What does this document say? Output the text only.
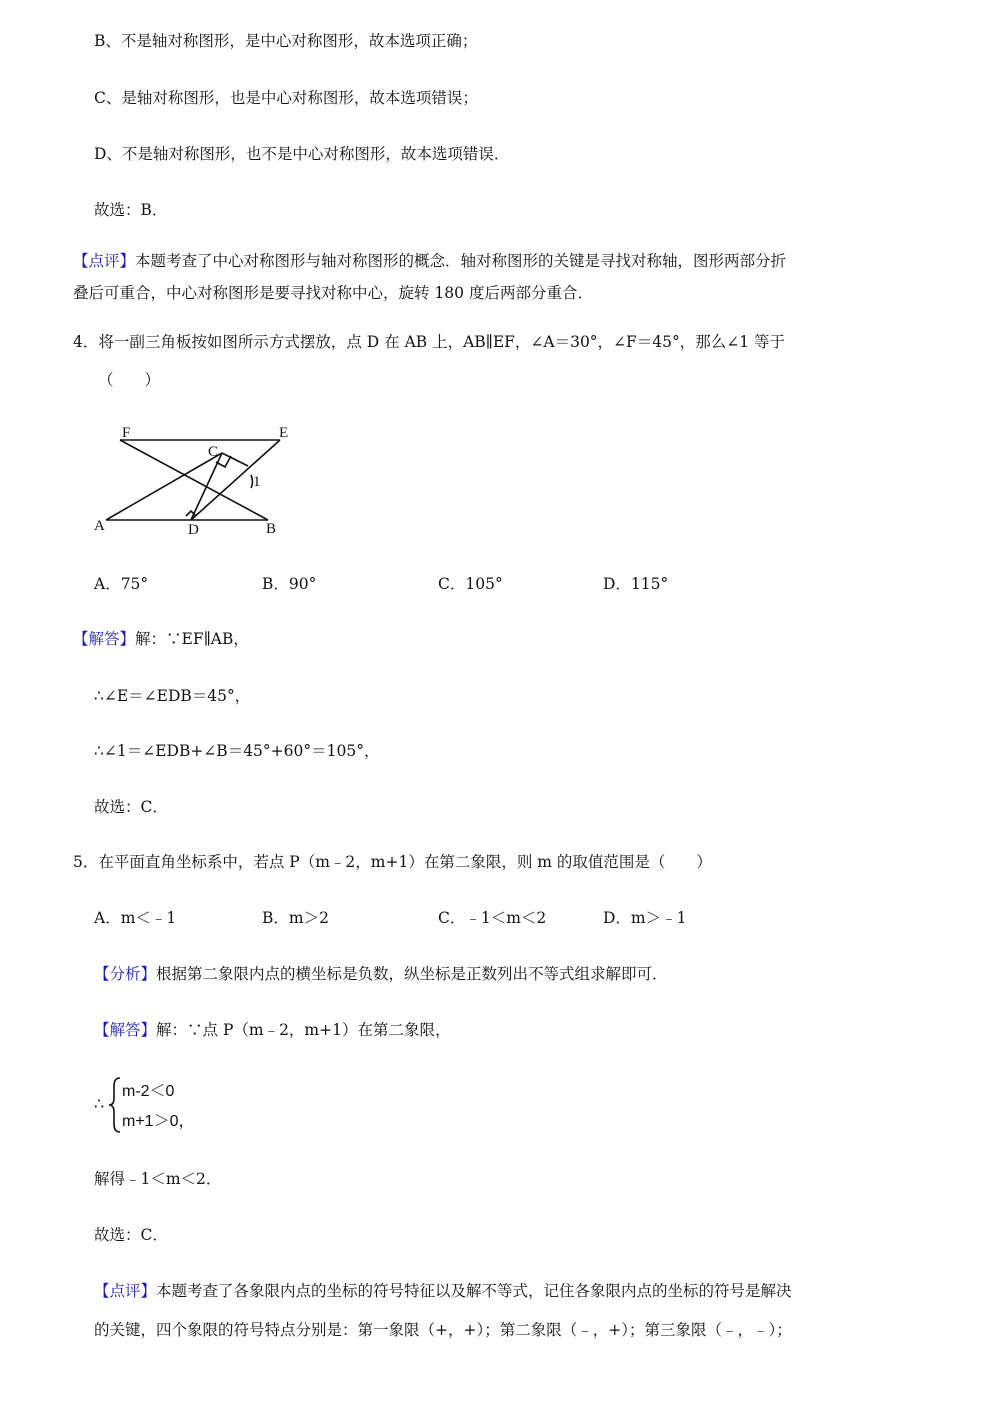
B、不是轴对称图形，是中心对称图形，故本选项正确；
C、是轴对称图形，也是中心对称图形，故本选项错误；
D、不是轴对称图形，也不是中心对称图形，故本选项错误．
故选：B．
【点评】本题考查了中心对称图形与轴对称图形的概念．轴对称图形的关键是寻找对称轴，图形两部分折
叠后可重合，中心对称图形是要寻找对称中心，旋转 180 度后两部分重合．
4．将一副三角板按如图所示方式摆放，点 D 在 AB 上，AB∥EF，∠A＝30°，∠F＝45°，那么∠1 等于
（　　）
F	E
C
1
A	D	B
A．75°	B．90°	C．105°	D．115°
【解答】解：∵EF∥AB，
∴∠E＝∠EDB＝45°，
∴∠1＝∠EDB+∠B＝45°+60°＝105°，
故选：C．
5．在平面直角坐标系中，若点 P（m﹣2，m+1）在第二象限，则 m 的取值范围是（　　）
A．m＜﹣1	B．m＞2	C．﹣1＜m＜2	D．m＞﹣1
【分析】根据第二象限内点的横坐标是负数，纵坐标是正数列出不等式组求解即可．
【解答】解：∵点 P（m﹣2，m+1）在第二象限，
∴
m-2＜0
m+1＞0，
解得﹣1＜m＜2．
故选：C．
【点评】本题考查了各象限内点的坐标的符号特征以及解不等式，记住各象限内点的坐标的符号是解决
的关键，四个象限的符号特点分别是：第一象限（+，+）；第二象限（﹣，+）；第三象限（﹣，﹣）；
